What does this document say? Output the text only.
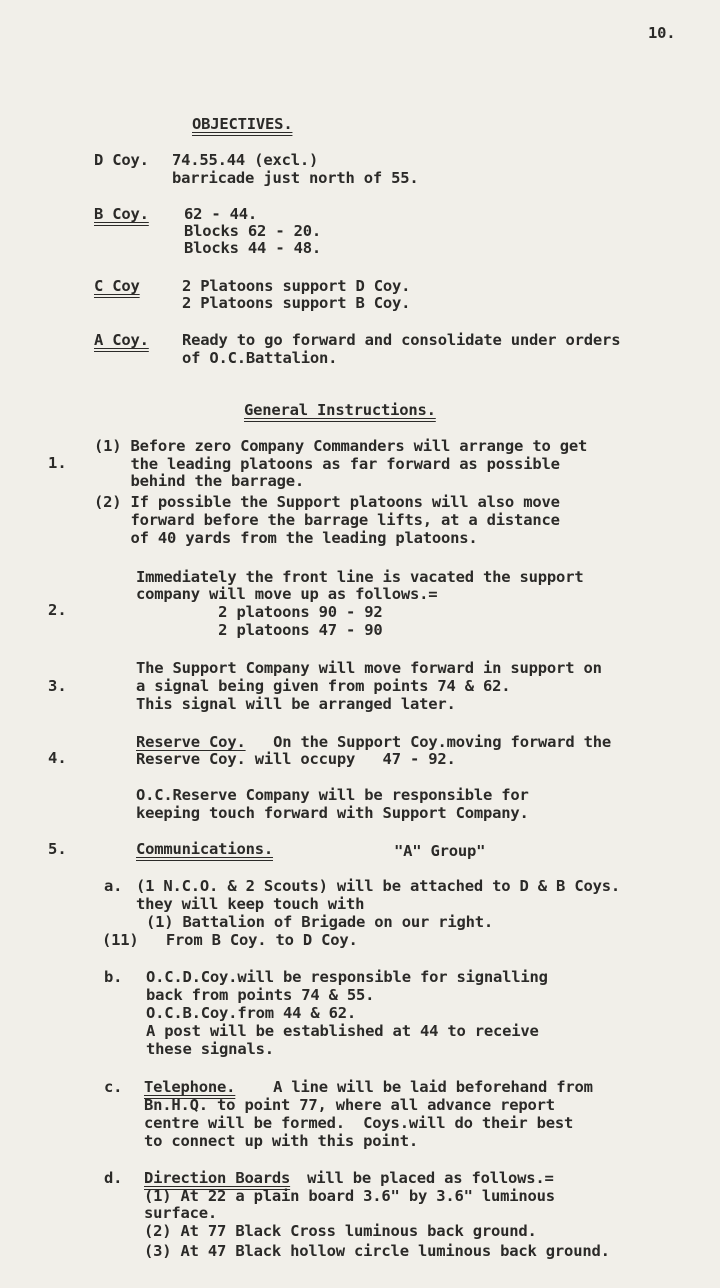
10.
OBJECTIVES.
D Coy. 74.55.44 (excl.)
barricade just north of 55.
B Coy. 62 - 44.
Blocks 62 - 20.
Blocks 44 - 48.
C Coy	2 Platoons support D Coy.
2 Platoons support B Coy.
A Coy. Ready to go forward and consolidate under orders
of O.C.Battalion.
General Instructions.
1.
(1) Before zero Company Commanders will arrange to get
the leading platoons as far forward as possible
behind the barrage.
(2) If possible the Support platoons will also move
forward before the barrage lifts, at a distance
of 40 yards from the leading platoons.
2.
Immediately the front line is vacated the support
company will move up as follows.=
2 platoons 90 - 92
2 platoons 47 - 90
3.
The Support Company will move forward in support on
a signal being given from points 74 & 62.
This signal will be arranged later.
4.
Reserve Coy. On the Support Coy.moving forward the
Reserve Coy. will occupy   47 - 92.
O.C.Reserve Company will be responsible for
keeping touch forward with Support Company.
5.	Communications.	"A" Group"
a. (1 N.C.O. & 2 Scouts) will be attached to D & B Coys.
they will keep touch with
(1) Battalion of Brigade on our right.
(11)   From B Coy. to D Coy.
b. O.C.D.Coy.will be responsible for signalling
back from points 74 & 55.
O.C.B.Coy.from 44 & 62.
A post will be established at 44 to receive
these signals.
c. Telephone. A line will be laid beforehand from
Bn.H.Q. to point 77, where all advance report
centre will be formed.  Coys.will do their best
to connect up with this point.
d. Direction Boards will be placed as follows.=
(1) At 22 a plain board 3.6" by 3.6" luminous
surface.
(2) At 77 Black Cross luminous back ground.
(3) At 47 Black hollow circle luminous back ground.
